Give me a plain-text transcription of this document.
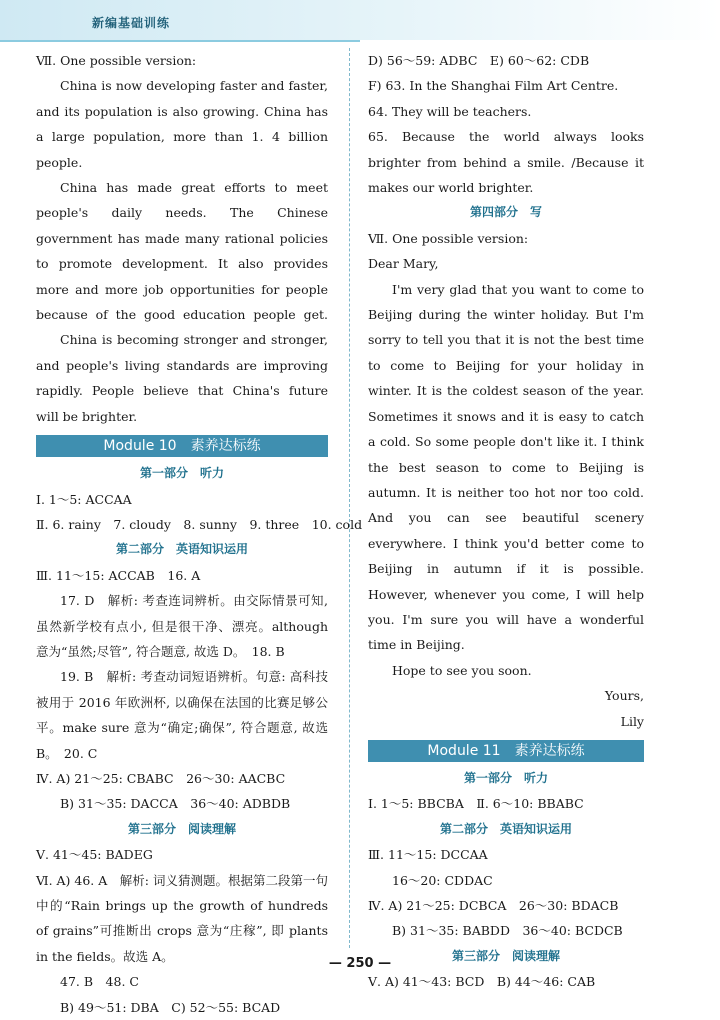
新编基础训练

Ⅶ. One possible version:

China is now developing faster and faster, and its population is also growing. China has a large population, more than 1. 4 billion people.

China has made great efforts to meet people's daily needs. The Chinese government has made many rational policies to promote development. It also provides more and more job opportunities for people because of the good education people get.

China is becoming stronger and stronger, and people's living standards are improving rapidly. People believe that China's future will be brighter.

Module 10　素养达标练

第一部分　听力

Ⅰ. 1～5: ACCAA

Ⅱ. 6. rainy　7. cloudy　8. sunny　9. three　10. cold

第二部分　英语知识运用

Ⅲ. 11～15: ACCAB　16. A

17. D　解析: 考查连词辨析。由交际情景可知, 虽然新学校有点小, 但是很干净、漂亮。although 意为“虽然;尽管”, 符合题意, 故选 D。　18. B

19. B　解析: 考查动词短语辨析。句意: 高科技被用于 2016 年欧洲杯, 以确保在法国的比赛足够公平。make sure 意为“确定;确保”, 符合题意, 故选 B。　20. C

Ⅳ. A) 21～25: CBABC　26～30: AACBC

B) 31～35: DACCA　36～40: ADBDB

第三部分　阅读理解

Ⅴ. 41～45: BADEG

Ⅵ. A) 46. A　解析: 词义猜测题。根据第二段第一句中的“Rain brings up the growth of hundreds of grains”可推断出 crops 意为“庄稼”, 即 plants in the fields。故选 A。

47. B　48. C

B) 49～51: DBA　C) 52～55: BCAD

D) 56～59: ADBC　E) 60～62: CDB

F) 63. In the Shanghai Film Art Centre.

64. They will be teachers.

65. Because the world always looks brighter from behind a smile. /Because it makes our world brighter.

第四部分　写

Ⅶ. One possible version:

Dear Mary,

I'm very glad that you want to come to Beijing during the winter holiday. But I'm sorry to tell you that it is not the best time to come to Beijing for your holiday in winter. It is the coldest season of the year. Sometimes it snows and it is easy to catch a cold. So some people don't like it. I think the best season to come to Beijing is autumn. It is neither too hot nor too cold. And you can see beautiful scenery everywhere. I think you'd better come to Beijing in autumn if it is possible. However, whenever you come, I will help you. I'm sure you will have a wonderful time in Beijing.

Hope to see you soon.

Yours,

Lily

Module 11　素养达标练

第一部分　听力

Ⅰ. 1～5: BBCBA　Ⅱ. 6～10: BBABC

第二部分　英语知识运用

Ⅲ. 11～15: DCCAA

16～20: CDDAC

Ⅳ. A) 21～25: DCBCA　26～30: BDACB

B) 31～35: BABDD　36～40: BCDCB

第三部分　阅读理解

Ⅴ. A) 41～43: BCD　B) 44～46: CAB

— 250 —
